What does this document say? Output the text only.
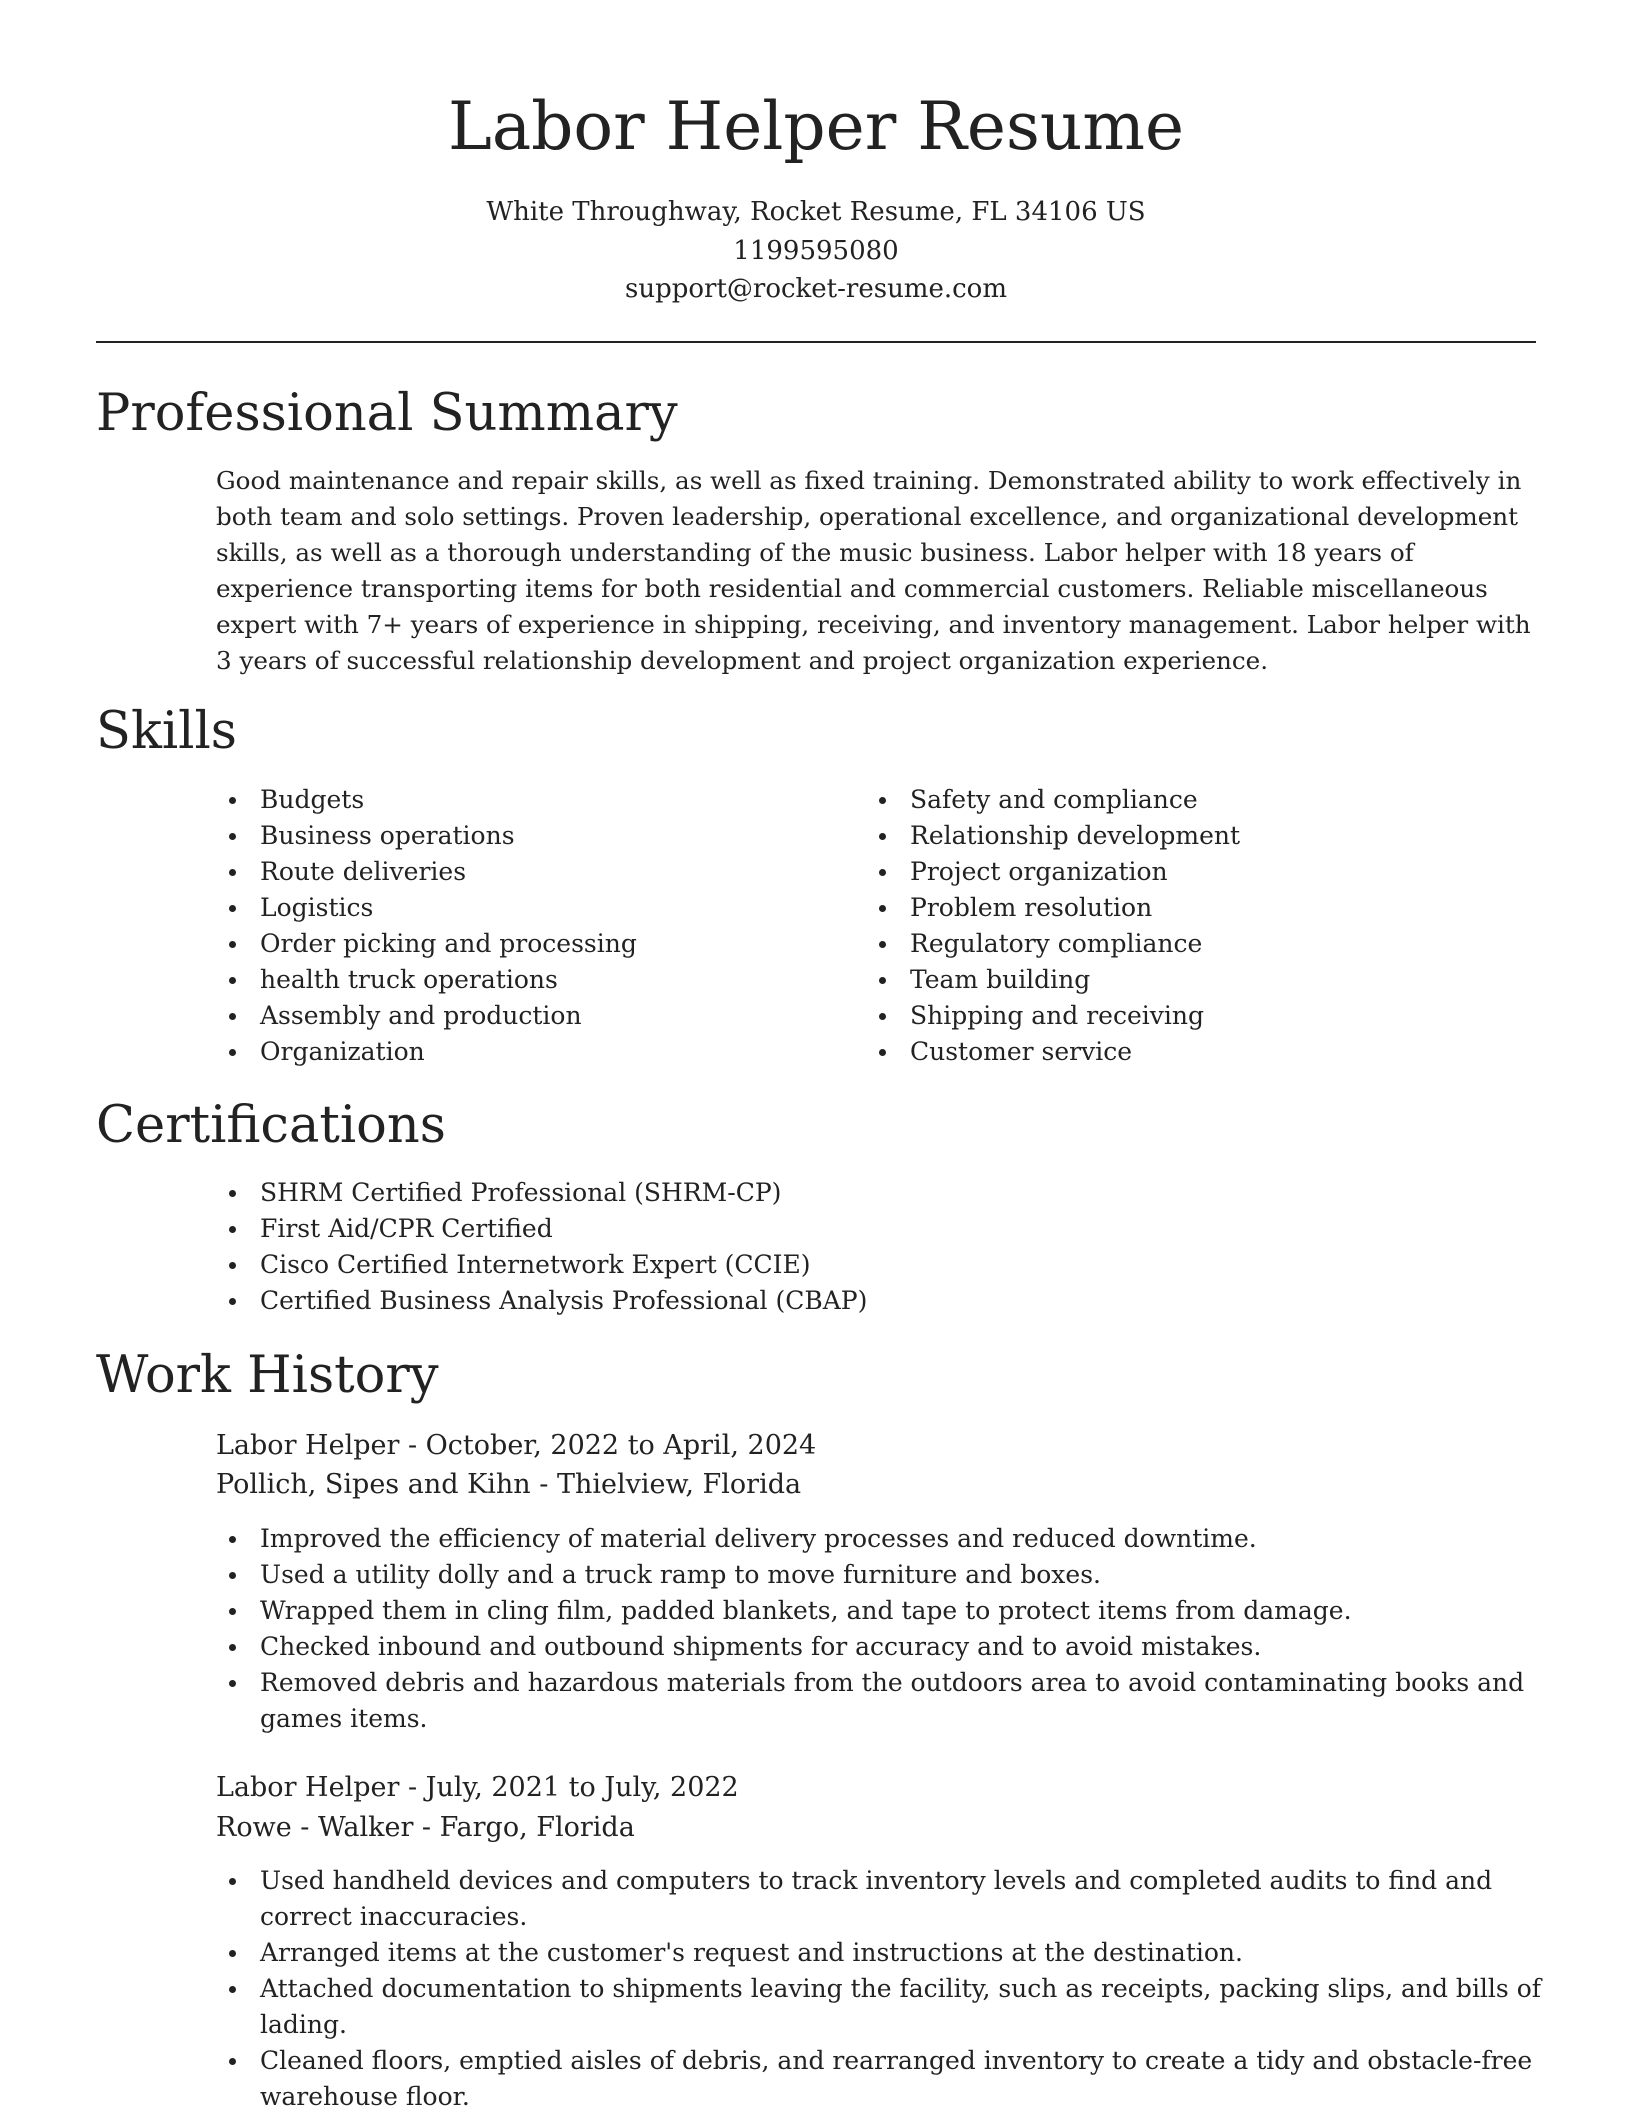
Labor Helper Resume
White Throughway, Rocket Resume, FL 34106 US
1199595080
support@rocket-resume.com
Professional Summary

Good maintenance and repair skills, as well as fixed training. Demonstrated ability to work effectively in both team and solo settings. Proven leadership, operational excellence, and organizational development skills, as well as a thorough understanding of the music business. Labor helper with 18 years of experience transporting items for both residential and commercial customers. Reliable miscellaneous expert with 7+ years of experience in shipping, receiving, and inventory management. Labor helper with 3 years of successful relationship development and project organization experience.

Skills
Budgets
Business operations
Route deliveries
Logistics
Order picking and processing
health truck operations
Assembly and production
Organization
Safety and compliance
Relationship development
Project organization
Problem resolution
Regulatory compliance
Team building
Shipping and receiving
Customer service
Certifications
SHRM Certified Professional (SHRM-CP)
First Aid/CPR Certified
Cisco Certified Internetwork Expert (CCIE)
Certified Business Analysis Professional (CBAP)
Work History
Labor Helper - October, 2022 to April, 2024
Pollich, Sipes and Kihn - Thielview, Florida
Improved the efficiency of material delivery processes and reduced downtime.
Used a utility dolly and a truck ramp to move furniture and boxes.
Wrapped them in cling film, padded blankets, and tape to protect items from damage.
Checked inbound and outbound shipments for accuracy and to avoid mistakes.
Removed debris and hazardous materials from the outdoors area to avoid contaminating books and games items.
Labor Helper - July, 2021 to July, 2022
Rowe - Walker - Fargo, Florida
Used handheld devices and computers to track inventory levels and completed audits to find and correct inaccuracies.
Arranged items at the customer's request and instructions at the destination.
Attached documentation to shipments leaving the facility, such as receipts, packing slips, and bills of lading.
Cleaned floors, emptied aisles of debris, and rearranged inventory to create a tidy and obstacle-free warehouse floor.
